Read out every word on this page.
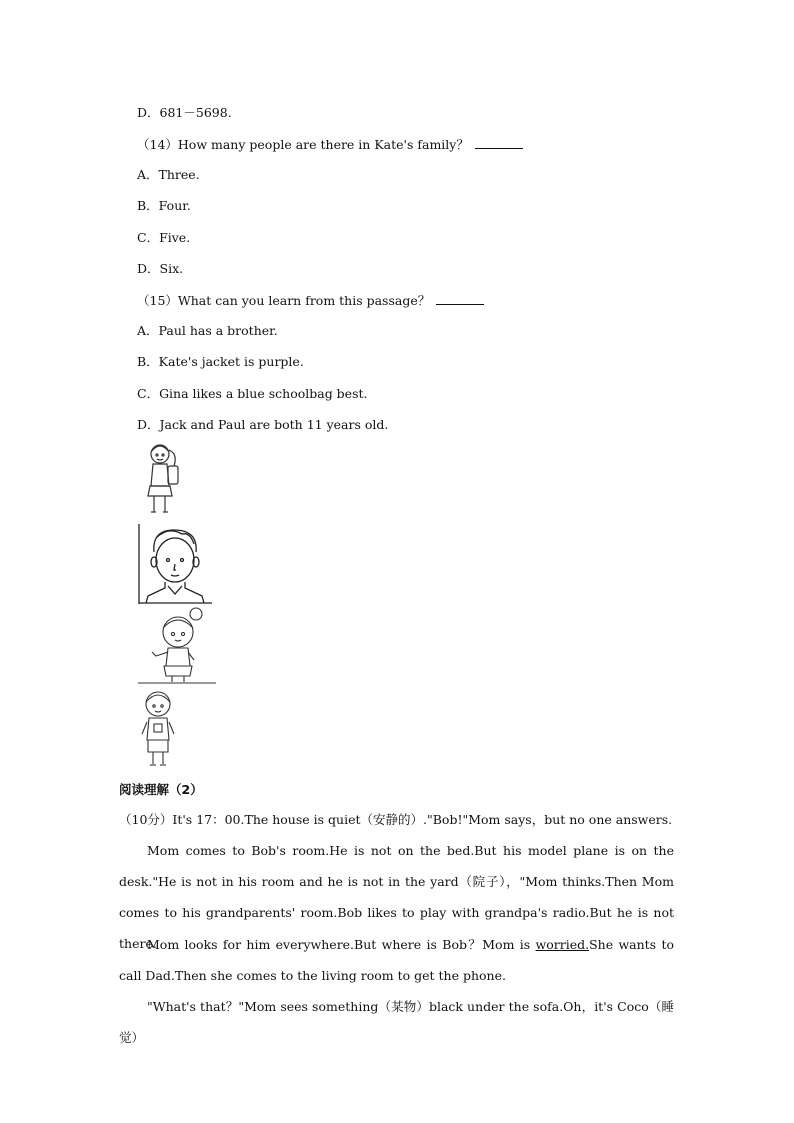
D．681－5698.
（14）How many people are there in Kate's family？
A．Three.
B．Four.
C．Five.
D．Six.
（15）What can you learn from this passage？
A．Paul has a brother.
B．Kate's jacket is purple.
C．Gina likes a blue schoolbag best.
D．Jack and Paul are both 11 years old.
阅读理解（2）
（10分）It's 17：00.The house is quiet（安静的）."Bob!"Mom says，but no one answers.
Mom comes to Bob's room.He is not on the bed.But his model plane is on the desk."He is not in his room and he is not in the yard（院子），"Mom thinks.Then Mom comes to his grandparents' room.Bob likes to play with grandpa's radio.But he is not there.
Mom looks for him everywhere.But where is Bob？Mom is worried.She wants to call Dad.Then she comes to the living room to get the phone.
"What's that？"Mom sees something（某物）black under the sofa.Oh，it's Coco（睡觉）
